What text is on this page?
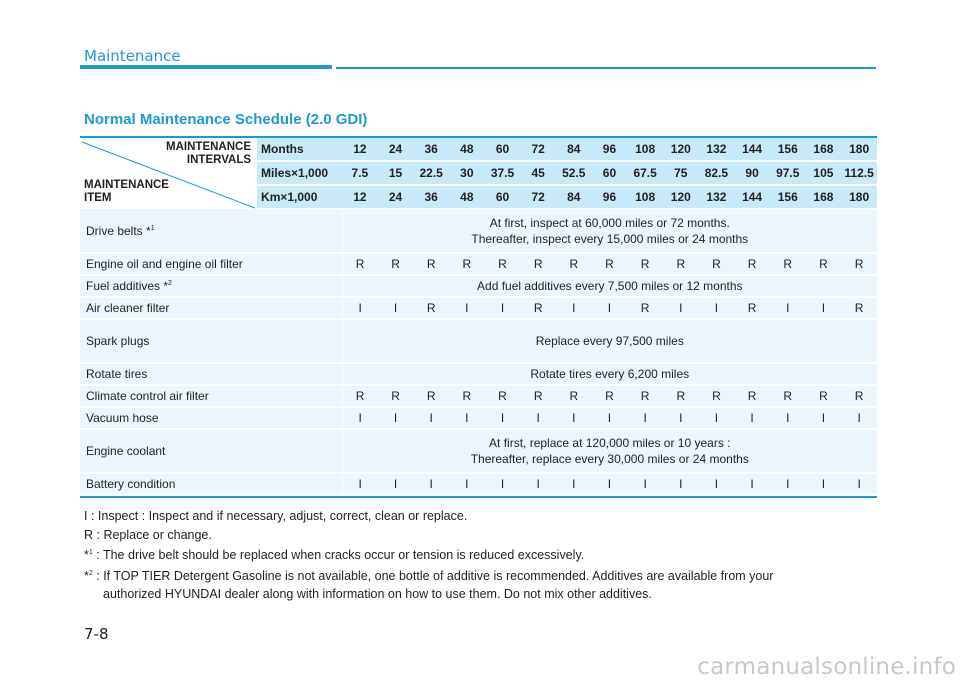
Maintenance
Normal Maintenance Schedule (2.0 GDI)
MAINTENANCE
INTERVALS
MAINTENANCE
ITEM	Months	12	24	36	48	60	72	84	96	108	120	132	144	156	168	180
	Miles×1,000	7.5	15	22.5	30	37.5	45	52.5	60	67.5	75	82.5	90	97.5	105	112.5
	Km×1,000	12	24	36	48	60	72	84	96	108	120	132	144	156	168	180
Drive belts *$^1$		At first, inspect at 60,000 miles or 72 months.
Thereafter, inspect every 15,000 miles or 24 months														

Engine oil and engine oil filter		R	R	R	R	R	R	R	R	R	R	R	R	R	R	R
Fuel additives *$^2$		Add fuel additives every 7,500 miles or 12 months														

Air cleaner filter		I	I	R	I	I	R	I	I	R	I	I	R	I	I	R
Spark plugs		Replace every 97,500 miles														

Rotate tires		Rotate tires every 6,200 miles														

Climate control air filter		R	R	R	R	R	R	R	R	R	R	R	R	R	R	R
Vacuum hose		I	I	I	I	I	I	I	I	I	I	I	I	I	I	I
Engine coolant		At first, replace at 120,000 miles or 10 years :
Thereafter, replace every 30,000 miles or 24 months														

Battery condition		I	I	I	I	I	I	I	I	I	I	I	I	I	I	I

I : Inspect : Inspect and if necessary, adjust, correct, clean or replace.

R : Replace or change.

*$^1$ : The drive belt should be replaced when cracks occur or tension is reduced excessively.

*$^2$ : If TOP TIER Detergent Gasoline is not available, one bottle of additive is recommended. Additives are available from your

authorized HYUNDAI dealer along with information on how to use them. Do not mix other additives.

7-8
carmanualsonline.info
